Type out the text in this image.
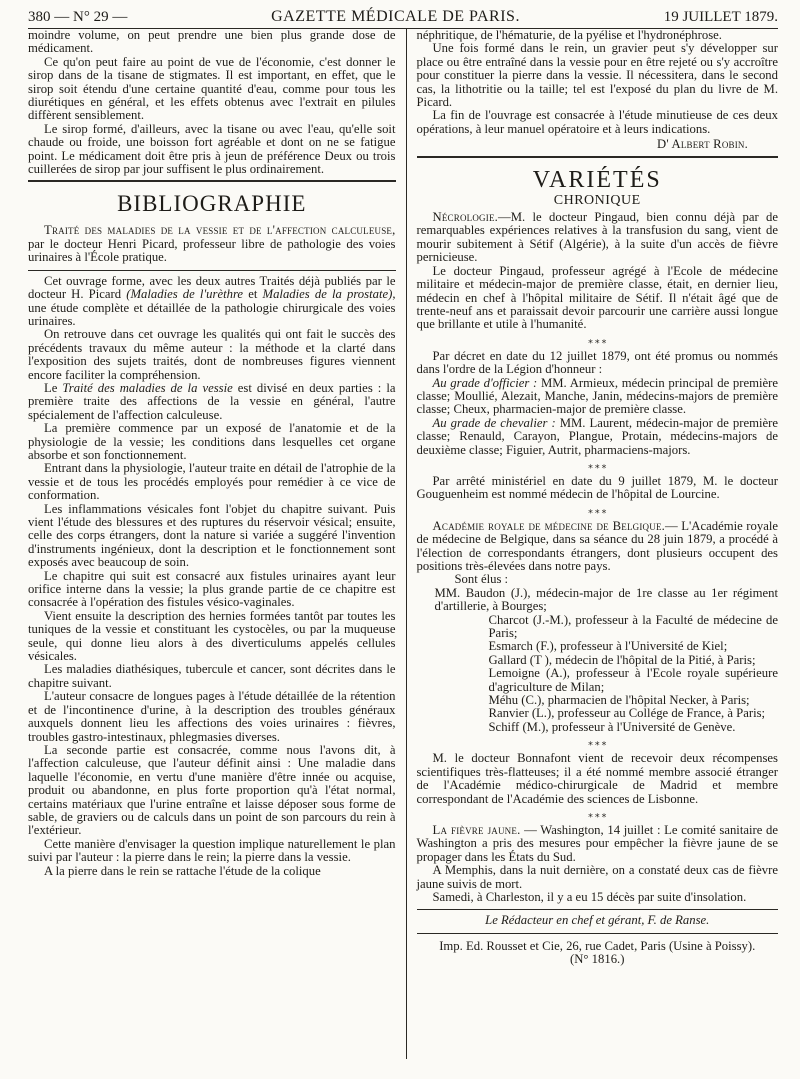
380 — N° 29 —	GAZETTE MÉDICALE DE PARIS.	19 JUILLET 1879.

moindre volume, on peut prendre une bien plus grande dose de médicament.

Ce qu'on peut faire au point de vue de l'économie, c'est donner le sirop dans de la tisane de stigmates. Il est important, en effet, que le sirop soit étendu d'une certaine quantité d'eau, comme pour tous les diurétiques en général, et les effets obtenus avec l'extrait en pilules diffèrent sensiblement.

Le sirop formé, d'ailleurs, avec la tisane ou avec l'eau, qu'elle soit chaude ou froide, une boisson fort agréable et dont on ne se fatigue point. Le médicament doit être pris à jeun de préférence Deux ou trois cuillerées de sirop par jour suffisent le plus ordinairement.

BIBLIOGRAPHIE

Traité des maladies de la vessie et de l'affection calculeuse, par le docteur Henri Picard, professeur libre de pathologie des voies urinaires à l'École pratique.

Cet ouvrage forme, avec les deux autres Traités déjà publiés par le docteur H. Picard (Maladies de l'urèthre et Maladies de la prostate), une étude complète et détaillée de la pathologie chirurgicale des voies urinaires.

On retrouve dans cet ouvrage les qualités qui ont fait le succès des précédents travaux du même auteur : la méthode et la clarté dans l'exposition des sujets traités, dont de nombreuses figures viennent encore faciliter la compréhension.

Le Traité des maladies de la vessie est divisé en deux parties : la première traite des affections de la vessie en général, l'autre spécialement de l'affection calculeuse.

La première commence par un exposé de l'anatomie et de la physiologie de la vessie; les conditions dans lesquelles cet organe absorbe et son fonctionnement.

Entrant dans la physiologie, l'auteur traite en détail de l'atrophie de la vessie et de tous les procédés employés pour remédier à ce vice de conformation.

Les inflammations vésicales font l'objet du chapitre suivant. Puis vient l'étude des blessures et des ruptures du réservoir vésical; ensuite, celle des corps étrangers, dont la nature si variée a suggéré l'invention d'instruments ingénieux, dont la description et le fonctionnement sont exposés avec beaucoup de soin.

Le chapitre qui suit est consacré aux fistules urinaires ayant leur orifice interne dans la vessie; la plus grande partie de ce chapitre est consacrée à l'opération des fistules vésico-vaginales.

Vient ensuite la description des hernies formées tantôt par toutes les tuniques de la vessie et constituant les cystocèles, ou par la muqueuse seule, qui donne lieu alors à des diverticulums appelés cellules vésicales.

Les maladies diathésiques, tubercule et cancer, sont décrites dans le chapitre suivant.

L'auteur consacre de longues pages à l'étude détaillée de la rétention et de l'incontinence d'urine, à la description des troubles généraux auxquels donnent lieu les affections des voies urinaires : fièvres, troubles gastro-intestinaux, phlegmasies diverses.

La seconde partie est consacrée, comme nous l'avons dit, à l'affection calculeuse, que l'auteur définit ainsi : Une maladie dans laquelle l'économie, en vertu d'une manière d'être innée ou acquise, produit ou abandonne, en plus forte proportion qu'à l'état normal, certains matériaux que l'urine entraîne et laisse déposer sous forme de sable, de graviers ou de calculs dans un point de son parcours du rein à l'extérieur.

Cette manière d'envisager la question implique naturellement le plan suivi par l'auteur : la pierre dans le rein; la pierre dans la vessie.

A la pierre dans le rein se rattache l'étude de la colique

néphritique, de l'hématurie, de la pyélise et l'hydronéphrose.

Une fois formé dans le rein, un gravier peut s'y développer sur place ou être entraîné dans la vessie pour en être rejeté ou s'y accroître pour constituer la pierre dans la vessie. Il nécessitera, dans le second cas, la lithotritie ou la taille; tel est l'exposé du plan du livre de M. Picard.

La fin de l'ouvrage est consacrée à l'étude minutieuse de ces deux opérations, à leur manuel opératoire et à leurs indications.

D' Albert Robin.
VARIÉTÉS
CHRONIQUE

Nécrologie.—M. le docteur Pingaud, bien connu déjà par de remarquables expériences relatives à la transfusion du sang, vient de mourir subitement à Sétif (Algérie), à la suite d'un accès de fièvre pernicieuse.

Le docteur Pingaud, professeur agrégé à l'Ecole de médecine militaire et médecin-major de première classe, était, en dernier lieu, médecin en chef à l'hôpital militaire de Sétif. Il n'était âgé que de trente-neuf ans et paraissait devoir parcourir une carrière aussi longue que brillante et utile à l'humanité.

⁎ ⁎ ⁎

Par décret en date du 12 juillet 1879, ont été promus ou nommés dans l'ordre de la Légion d'honneur :

Au grade d'officier : MM. Armieux, médecin principal de première classe; Moullié, Alezait, Manche, Janin, médecins-majors de première classe; Cheux, pharmacien-major de première classe.

Au grade de chevalier : MM. Laurent, médecin-major de première classe; Renauld, Carayon, Plangue, Protain, médecins-majors de deuxième classe; Figuier, Autrit, pharmaciens-majors.

⁎ ⁎ ⁎

Par arrêté ministériel en date du 9 juillet 1879, M. le docteur Gouguenheim est nommé médecin de l'hôpital de Lourcine.

⁎ ⁎ ⁎

Académie royale de médecine de Belgique.— L'Académie royale de médecine de Belgique, dans sa séance du 28 juin 1879, a procédé à l'élection de correspondants étrangers, dont plusieurs occupent des positions très-élevées dans notre pays.

Sont élus :

MM. Baudon (J.), médecin-major de 1re classe au 1er régiment d'artillerie, à Bourges;

Charcot (J.-M.), professeur à la Faculté de médecine de Paris;

Esmarch (F.), professeur à l'Université de Kiel;

Gallard (T ), médecin de l'hôpital de la Pitié, à Paris;

Lemoigne (A.), professeur à l'Ecole royale supérieure d'agriculture de Milan;

Méhu (C.), pharmacien de l'hôpital Necker, à Paris;

Ranvier (L.), professeur au Collége de France, à Paris;

Schiff (M.), professeur à l'Université de Genève.

⁎ ⁎ ⁎

M. le docteur Bonnafont vient de recevoir deux récompenses scientifiques très-flatteuses; il a été nommé membre associé étranger de l'Académie médico-chirurgicale de Madrid et membre correspondant de l'Académie des sciences de Lisbonne.

⁎ ⁎ ⁎

La fièvre jaune. — Washington, 14 juillet : Le comité sanitaire de Washington a pris des mesures pour empêcher la fièvre jaune de se propager dans les États du Sud.

A Memphis, dans la nuit dernière, on a constaté deux cas de fièvre jaune suivis de mort.

Samedi, à Charleston, il y a eu 15 décès par suite d'insolation.

Le Rédacteur en chef et gérant, F. de Ranse.
Imp. Ed. Rousset et Cie, 26, rue Cadet, Paris (Usine à Poissy).
(N° 1816.)
